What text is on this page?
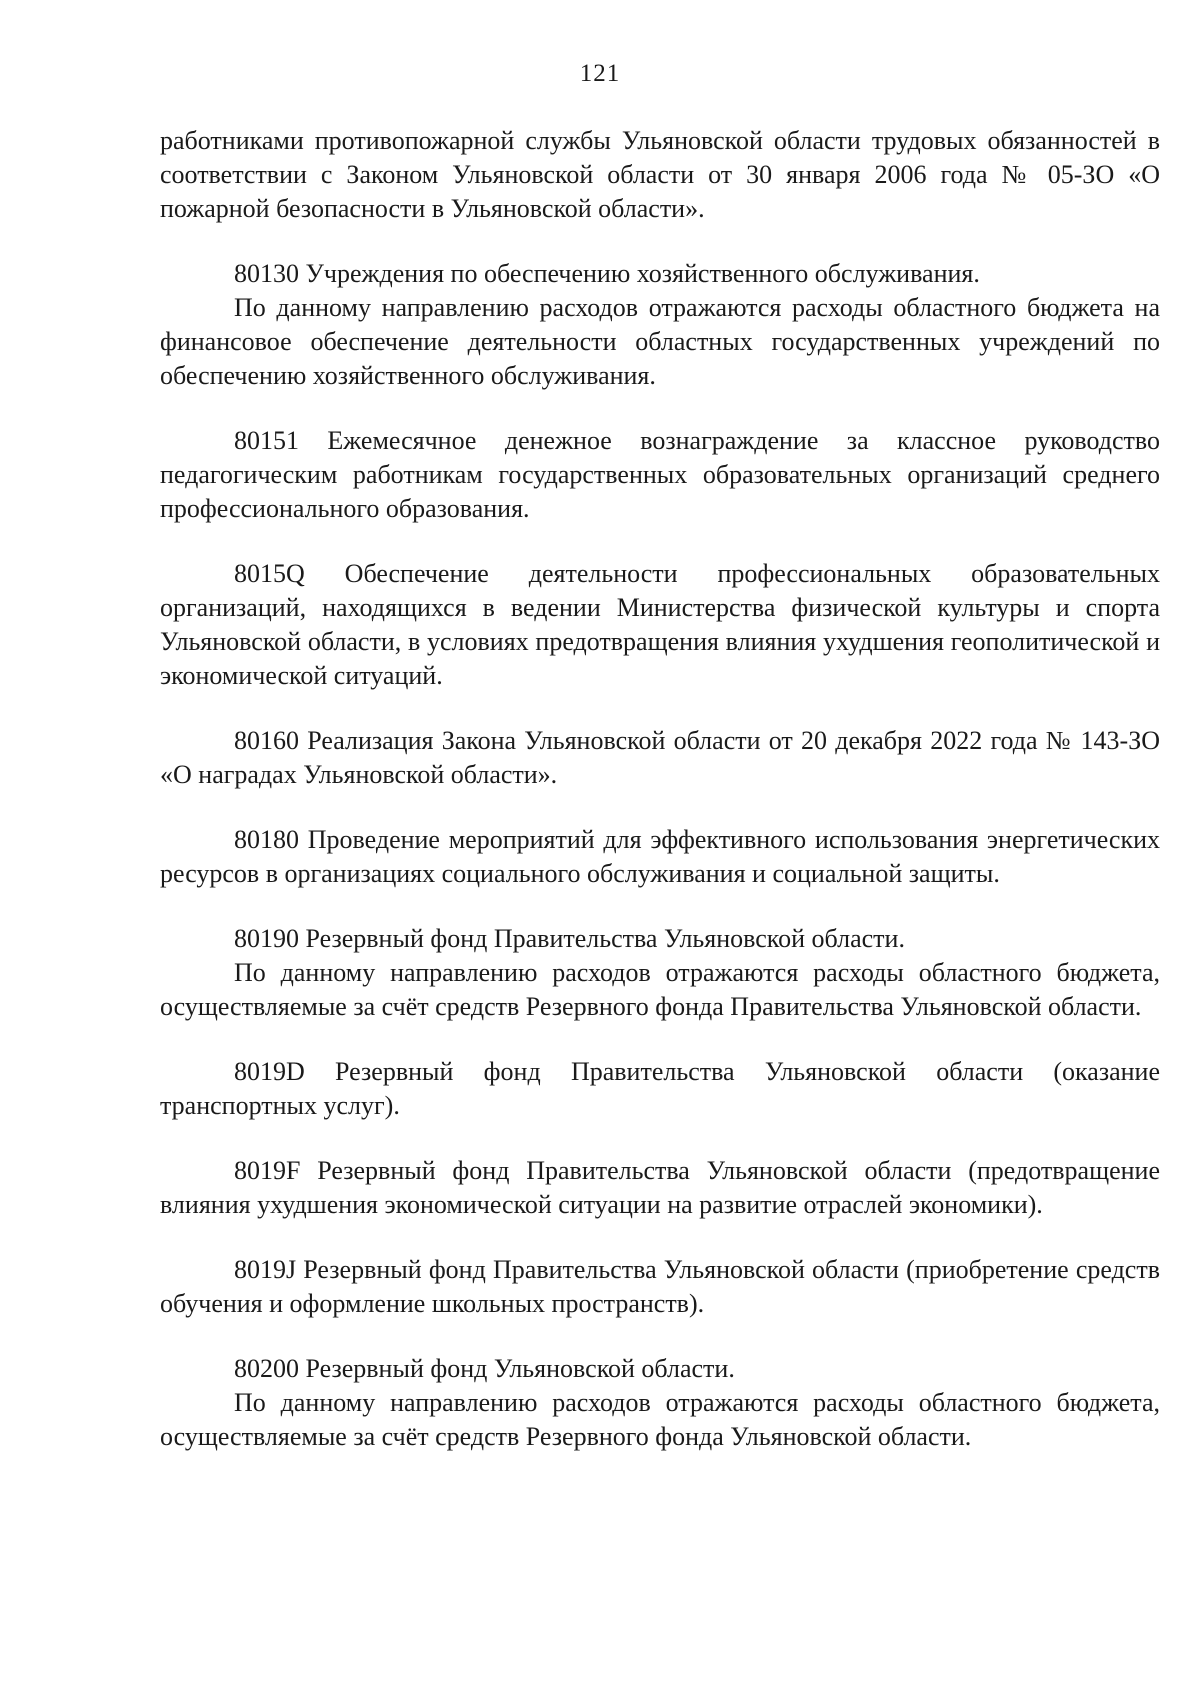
121

работниками противопожарной службы Ульяновской области трудовых обязанностей в соответствии с Законом Ульяновской области от 30 января 2006 года № 05-ЗО «О пожарной безопасности в Ульяновской области».

80130 Учреждения по обеспечению хозяйственного обслуживания.

По данному направлению расходов отражаются расходы областного бюджета на финансовое обеспечение деятельности областных государственных учреждений по обеспечению хозяйственного обслуживания.

80151 Ежемесячное денежное вознаграждение за классное руководство педагогическим работникам государственных образовательных организаций среднего профессионального образования.

8015Q Обеспечение деятельности профессиональных образовательных организаций, находящихся в ведении Министерства физической культуры и спорта Ульяновской области, в условиях предотвращения влияния ухудшения геополитической и экономической ситуаций.

80160 Реализация Закона Ульяновской области от 20 декабря 2022 года № 143-ЗО «О наградах Ульяновской области».

80180 Проведение мероприятий для эффективного использования энергетических ресурсов в организациях социального обслуживания и социальной защиты.

80190 Резервный фонд Правительства Ульяновской области.

По данному направлению расходов отражаются расходы областного бюджета, осуществляемые за счёт средств Резервного фонда Правительства Ульяновской области.

8019D Резервный фонд Правительства Ульяновской области (оказание транспортных услуг).

8019F Резервный фонд Правительства Ульяновской области (предотвращение влияния ухудшения экономической ситуации на развитие отраслей экономики).

8019J Резервный фонд Правительства Ульяновской области (приобретение средств обучения и оформление школьных пространств).

80200 Резервный фонд Ульяновской области.

По данному направлению расходов отражаются расходы областного бюджета, осуществляемые за счёт средств Резервного фонда Ульяновской области.
